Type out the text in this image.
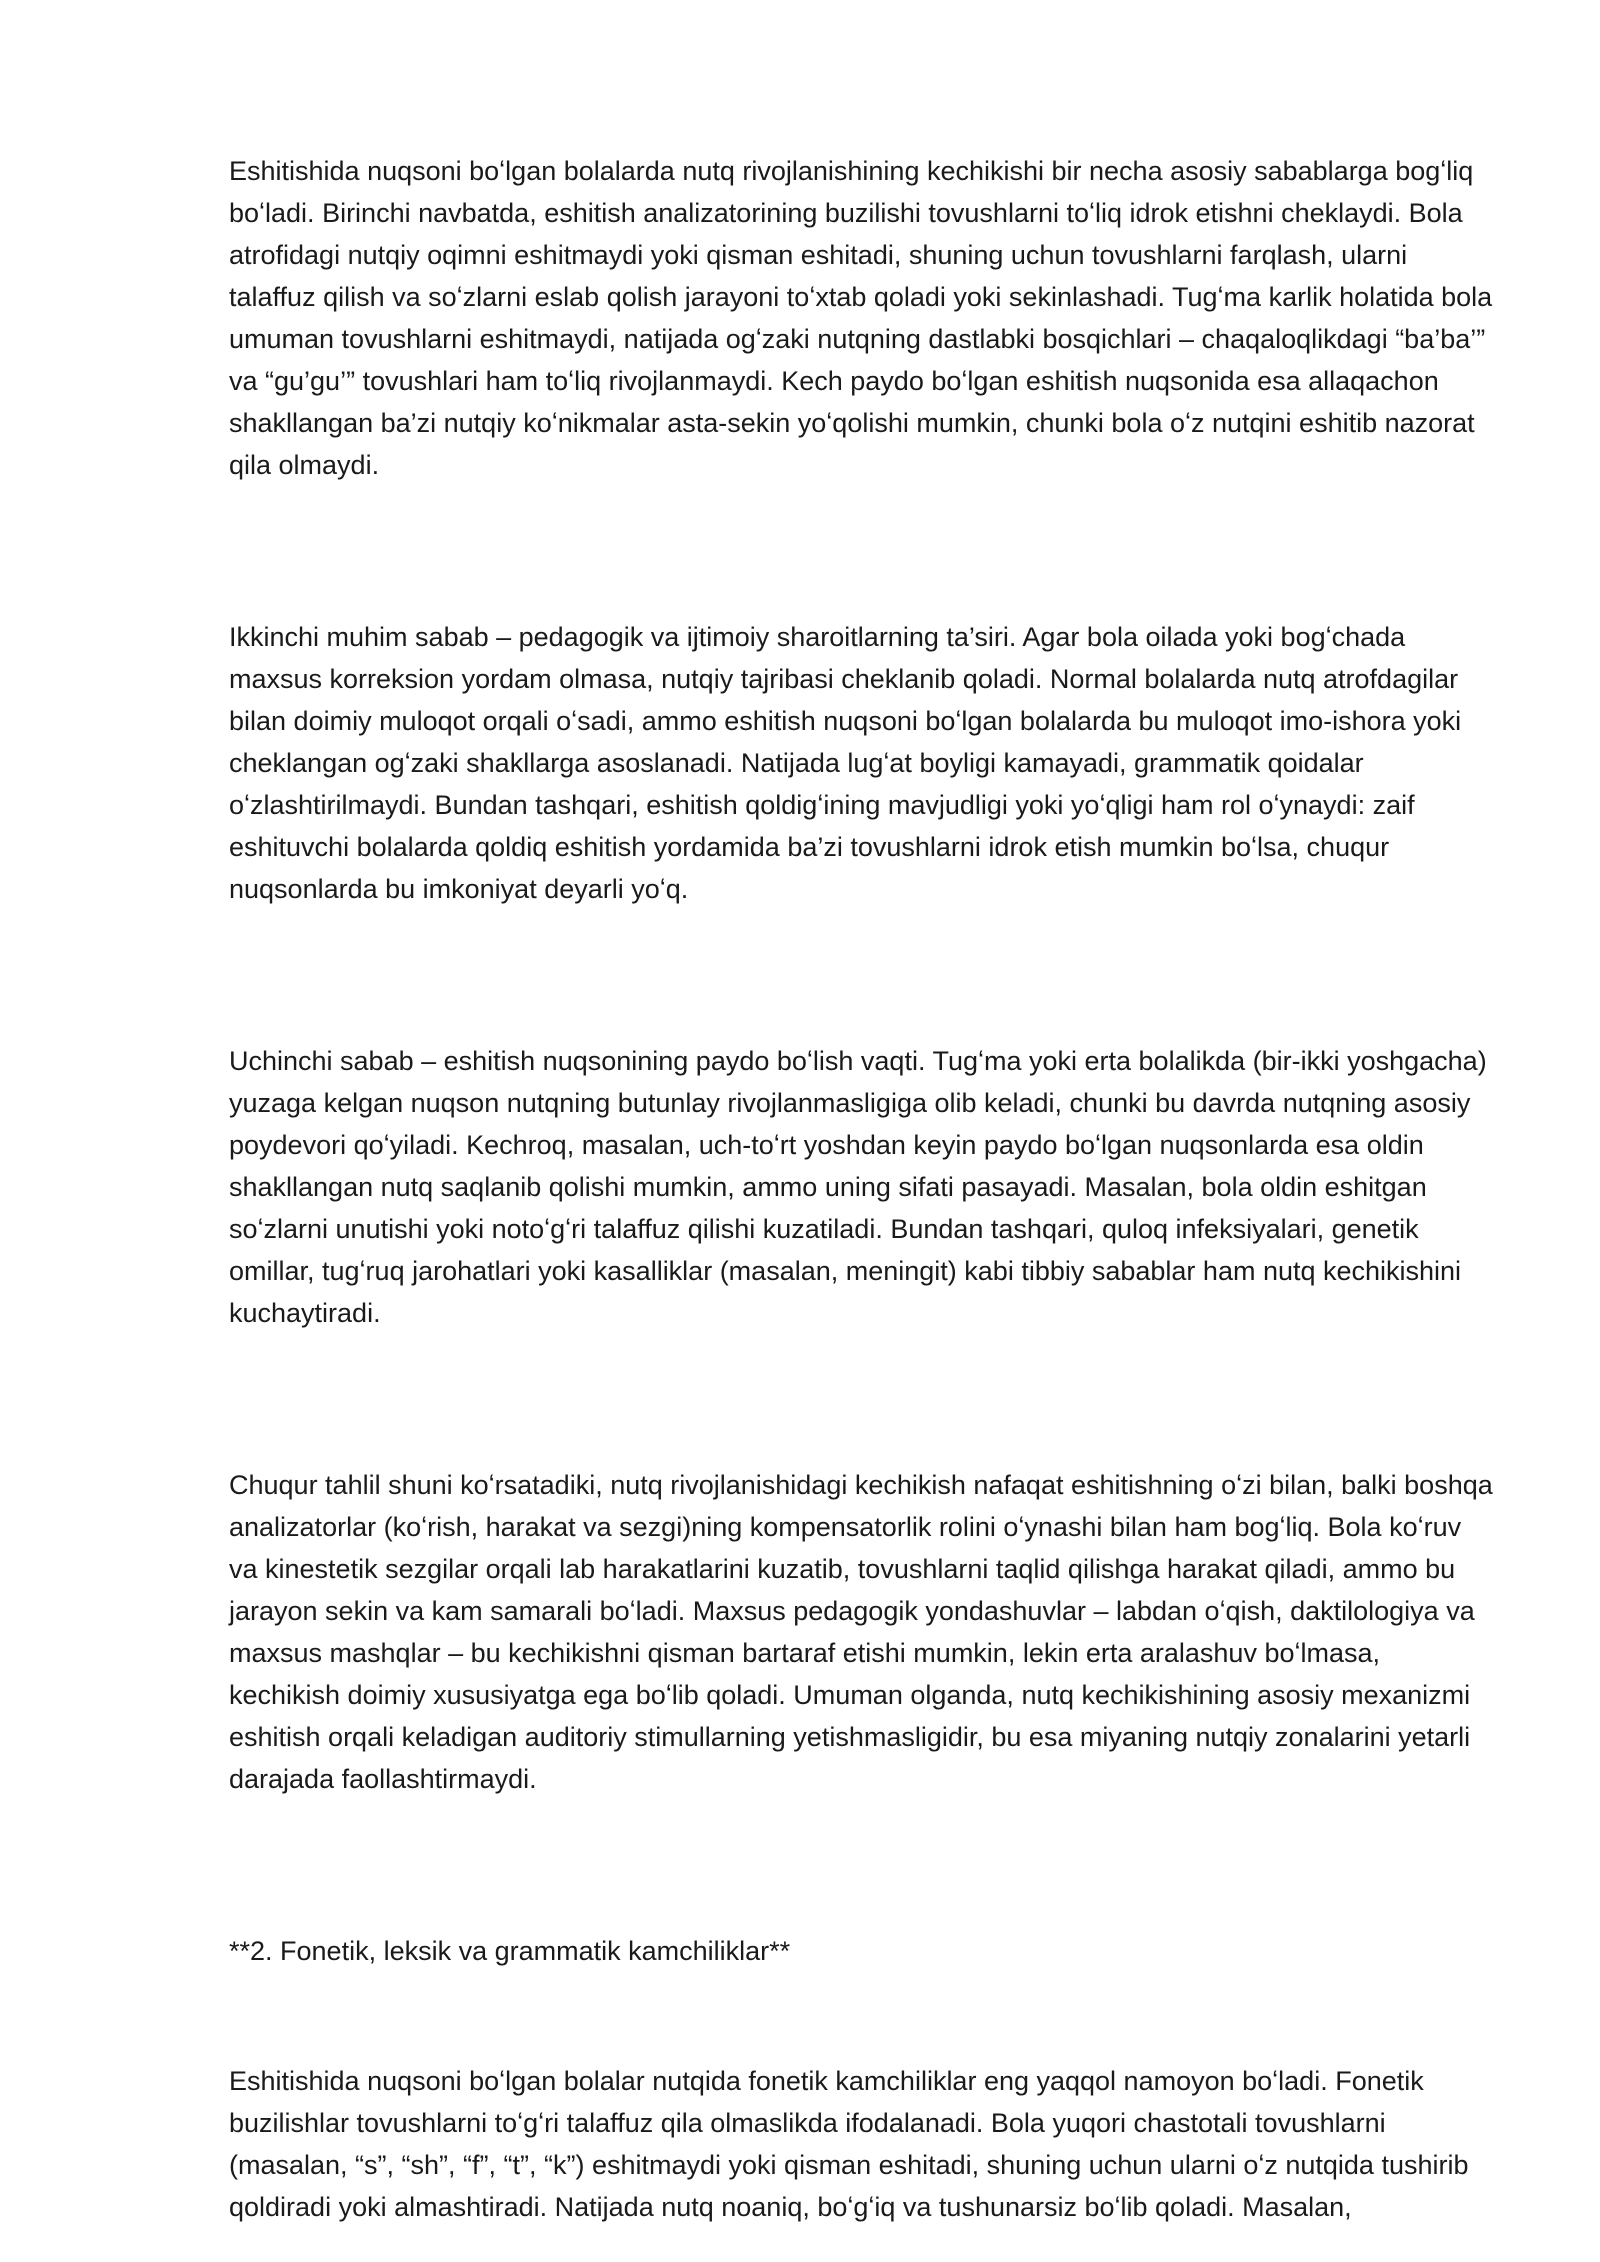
Eshitishida nuqsoni boʻlgan bolalarda nutq rivojlanishining kechikishi bir necha asosiy sabablarga bogʻliq boʻladi. Birinchi navbatda, eshitish analizatorining buzilishi tovushlarni toʻliq idrok etishni cheklaydi. Bola atrofidagi nutqiy oqimni eshitmaydi yoki qisman eshitadi, shuning uchun tovushlarni farqlash, ularni talaffuz qilish va soʻzlarni eslab qolish jarayoni toʻxtab qoladi yoki sekinlashadi. Tugʻma karlik holatida bola umuman tovushlarni eshitmaydi, natijada ogʻzaki nutqning dastlabki bosqichlari – chaqaloqlikdagi “ba’ba’” va “gu’gu’” tovushlari ham toʻliq rivojlanmaydi. Kech paydo boʻlgan eshitish nuqsonida esa allaqachon shakllangan ba’zi nutqiy koʻnikmalar asta-sekin yoʻqolishi mumkin, chunki bola oʻz nutqini eshitib nazorat qila olmaydi.

Ikkinchi muhim sabab – pedagogik va ijtimoiy sharoitlarning ta’siri. Agar bola oilada yoki bogʻchada maxsus korreksion yordam olmasa, nutqiy tajribasi cheklanib qoladi. Normal bolalarda nutq atrofdagilar bilan doimiy muloqot orqali oʻsadi, ammo eshitish nuqsoni boʻlgan bolalarda bu muloqot imo-ishora yoki cheklangan ogʻzaki shakllarga asoslanadi. Natijada lugʻat boyligi kamayadi, grammatik qoidalar oʻzlashtirilmaydi. Bundan tashqari, eshitish qoldigʻining mavjudligi yoki yoʻqligi ham rol oʻynaydi: zaif eshituvchi bolalarda qoldiq eshitish yordamida ba’zi tovushlarni idrok etish mumkin boʻlsa, chuqur nuqsonlarda bu imkoniyat deyarli yoʻq.

Uchinchi sabab – eshitish nuqsonining paydo boʻlish vaqti. Tugʻma yoki erta bolalikda (bir-ikki yoshgacha) yuzaga kelgan nuqson nutqning butunlay rivojlanmasligiga olib keladi, chunki bu davrda nutqning asosiy poydevori qoʻyiladi. Kechroq, masalan, uch-toʻrt yoshdan keyin paydo boʻlgan nuqsonlarda esa oldin shakllangan nutq saqlanib qolishi mumkin, ammo uning sifati pasayadi. Masalan, bola oldin eshitgan soʻzlarni unutishi yoki notoʻgʻri talaffuz qilishi kuzatiladi. Bundan tashqari, quloq infeksiyalari, genetik omillar, tugʻruq jarohatlari yoki kasalliklar (masalan, meningit) kabi tibbiy sabablar ham nutq kechikishini kuchaytiradi.

Chuqur tahlil shuni koʻrsatadiki, nutq rivojlanishidagi kechikish nafaqat eshitishning oʻzi bilan, balki boshqa analizatorlar (koʻrish, harakat va sezgi)ning kompensatorlik rolini oʻynashi bilan ham bogʻliq. Bola koʻruv va kinestetik sezgilar orqali lab harakatlarini kuzatib, tovushlarni taqlid qilishga harakat qiladi, ammo bu jarayon sekin va kam samarali boʻladi. Maxsus pedagogik yondashuvlar – labdan oʻqish, daktilologiya va maxsus mashqlar – bu kechikishni qisman bartaraf etishi mumkin, lekin erta aralashuv boʻlmasa, kechikish doimiy xususiyatga ega boʻlib qoladi. Umuman olganda, nutq kechikishining asosiy mexanizmi eshitish orqali keladigan auditoriy stimullarning yetishmasligidir, bu esa miyaning nutqiy zonalarini yetarli darajada faollashtirmaydi.

**2. Fonetik, leksik va grammatik kamchiliklar**

Eshitishida nuqsoni boʻlgan bolalar nutqida fonetik kamchiliklar eng yaqqol namoyon boʻladi. Fonetik buzilishlar tovushlarni toʻgʻri talaffuz qila olmaslikda ifodalanadi. Bola yuqori chastotali tovushlarni (masalan, “s”, “sh”, “f”, “t”, “k”) eshitmaydi yoki qisman eshitadi, shuning uchun ularni oʻz nutqida tushirib qoldiradi yoki almashtiradi. Natijada nutq noaniq, boʻgʻiq va tushunarsiz boʻlib qoladi. Masalan,
